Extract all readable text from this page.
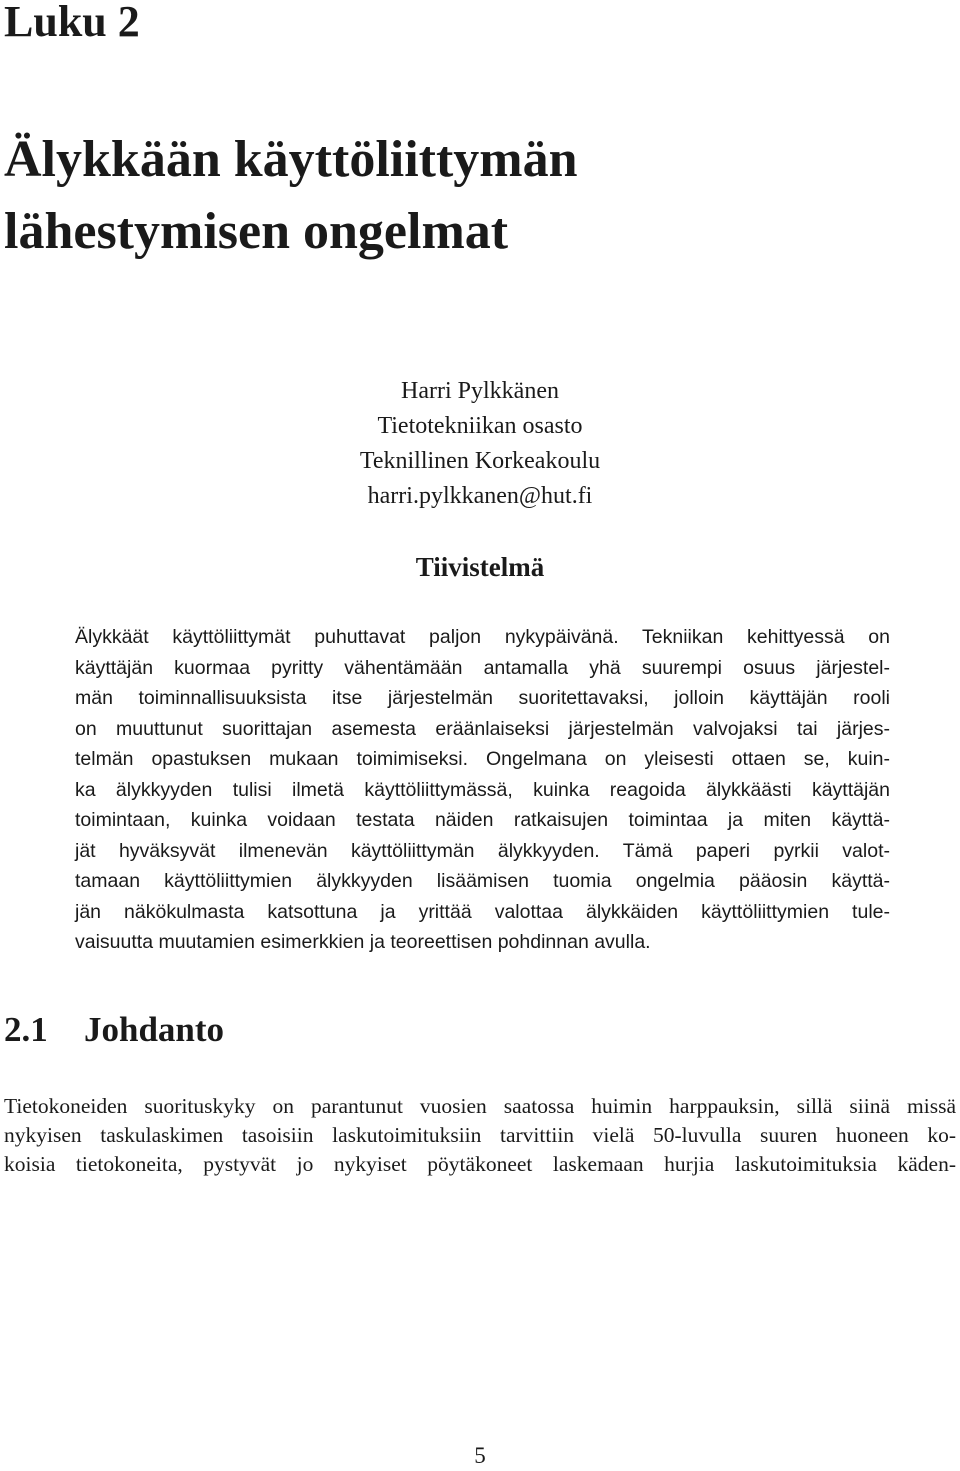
Luku 2
Älykkään käyttöliittymän
lähestymisen ongelmat
Harri Pylkkänen
Tietotekniikan osasto
Teknillinen Korkeakoulu
harri.pylkkanen@hut.fi
Tiivistelmä
Älykkäät käyttöliittymät puhuttavat paljon nykypäivänä. Tekniikan kehittyessä on
käyttäjän kuormaa pyritty vähentämään antamalla yhä suurempi osuus järjestel-
män toiminnallisuuksista itse järjestelmän suoritettavaksi, jolloin käyttäjän rooli
on muuttunut suorittajan asemesta eräänlaiseksi järjestelmän valvojaksi tai järjes-
telmän opastuksen mukaan toimimiseksi. Ongelmana on yleisesti ottaen se, kuin-
ka älykkyyden tulisi ilmetä käyttöliittymässä, kuinka reagoida älykkäästi käyttäjän
toimintaan, kuinka voidaan testata näiden ratkaisujen toimintaa ja miten käyttä-
jät hyväksyvät ilmenevän käyttöliittymän älykkyyden. Tämä paperi pyrkii valot-
tamaan käyttöliittymien älykkyyden lisäämisen tuomia ongelmia pääosin käyttä-
jän näkökulmasta katsottuna ja yrittää valottaa älykkäiden käyttöliittymien tule-
vaisuutta muutamien esimerkkien ja teoreettisen pohdinnan avulla.
2.1 Johdanto
Tietokoneiden suorituskyky on parantunut vuosien saatossa huimin harppauksin, sillä siinä missä
nykyisen taskulaskimen tasoisiin laskutoimituksiin tarvittiin vielä 50-luvulla suuren huoneen ko-
koisia tietokoneita, pystyvät jo nykyiset pöytäkoneet laskemaan hurjia laskutoimituksia käden-
5
